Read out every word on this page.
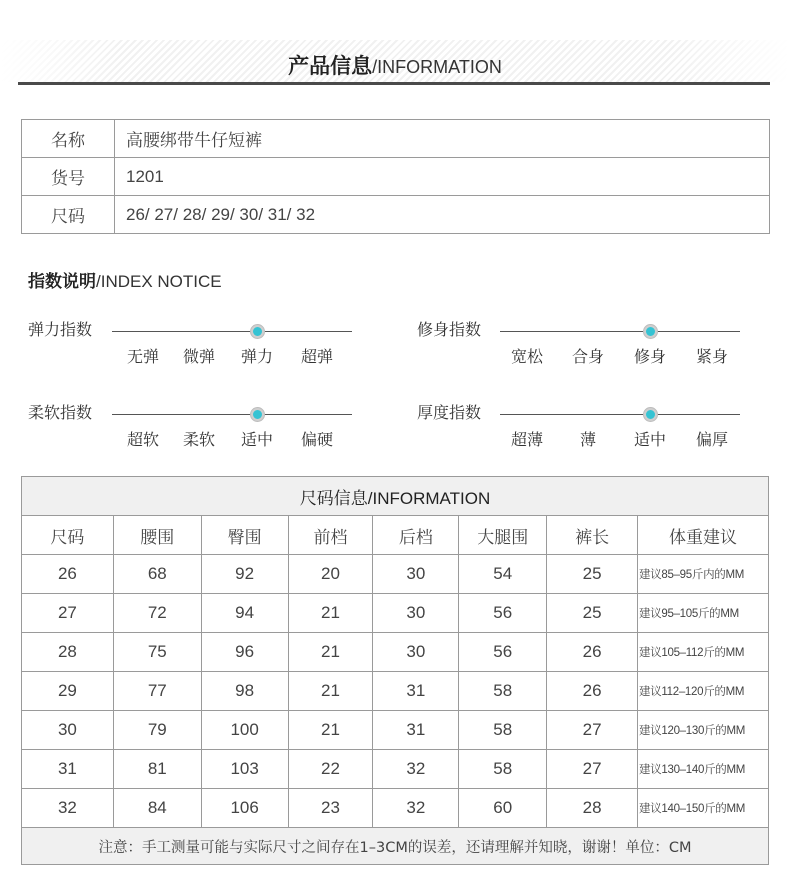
产品信息/INFORMATION
名称	高腰绑带牛仔短裤
货号	1201
尺码	26/ 27/ 28/ 29/ 30/ 31/ 32
指数说明/INDEX NOTICE
弹力指数
无弹 微弹 弹力 超弹
修身指数
宽松 合身 修身 紧身
柔软指数
超软 柔软 适中 偏硬
厚度指数
超薄 薄 适中 偏厚
尺码信息/INFORMATION							
尺码	腰围	臀围	前档	后档	大腿围	裤长	体重建议
26	68	92	20	30	54	25	建议85–95斤内的MM
27	72	94	21	30	56	25	建议95–105斤的MM
28	75	96	21	30	56	26	建议105–112斤的MM
29	77	98	21	31	58	26	建议112–120斤的MM
30	79	100	21	31	58	27	建议120–130斤的MM
31	81	103	22	32	58	27	建议130–140斤的MM
32	84	106	23	32	60	28	建议140–150斤的MM
注意：手工测量可能与实际尺寸之间存在1–3CM的误差，还请理解并知晓，谢谢！单位：CM							
